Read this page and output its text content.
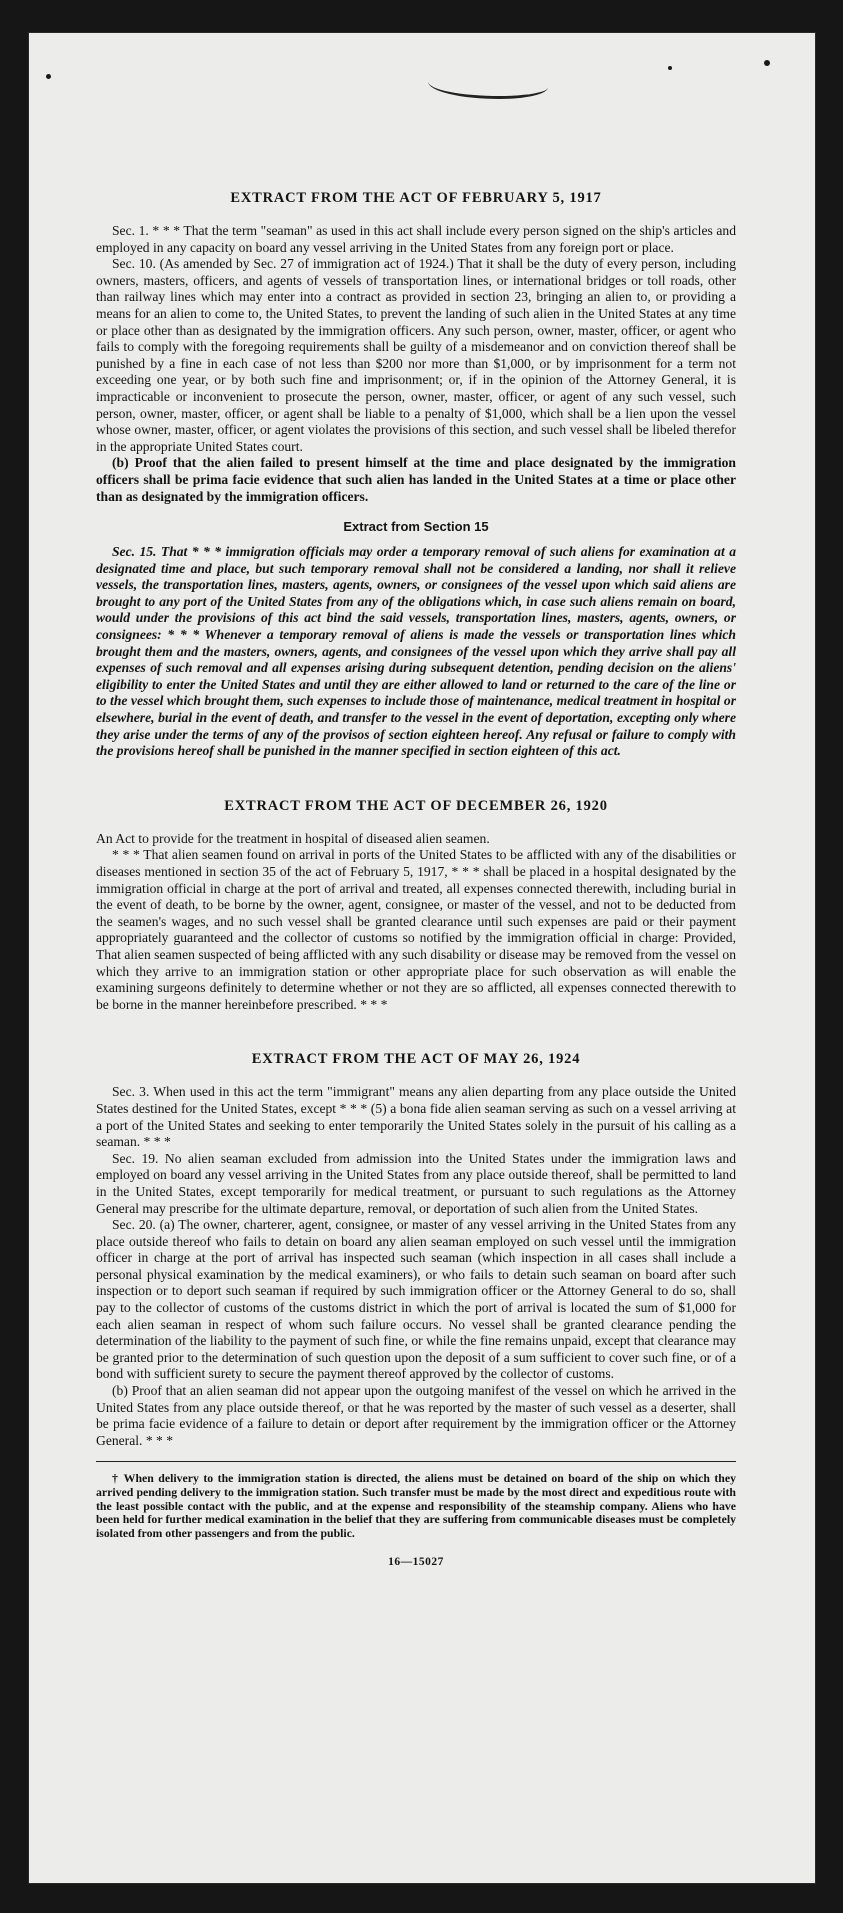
EXTRACT FROM THE ACT OF FEBRUARY 5, 1917

Sec. 1. * * * That the term "seaman" as used in this act shall include every person signed on the ship's articles and employed in any capacity on board any vessel arriving in the United States from any foreign port or place.

Sec. 10. (As amended by Sec. 27 of immigration act of 1924.) That it shall be the duty of every person, including owners, masters, officers, and agents of vessels of transportation lines, or international bridges or toll roads, other than railway lines which may enter into a contract as provided in section 23, bringing an alien to, or providing a means for an alien to come to, the United States, to prevent the landing of such alien in the United States at any time or place other than as designated by the immigration officers. Any such person, owner, master, officer, or agent who fails to comply with the foregoing requirements shall be guilty of a misdemeanor and on conviction thereof shall be punished by a fine in each case of not less than $200 nor more than $1,000, or by imprisonment for a term not exceeding one year, or by both such fine and imprisonment; or, if in the opinion of the Attorney General, it is impracticable or inconvenient to prosecute the person, owner, master, officer, or agent of any such vessel, such person, owner, master, officer, or agent shall be liable to a penalty of $1,000, which shall be a lien upon the vessel whose owner, master, officer, or agent violates the provisions of this section, and such vessel shall be libeled therefor in the appropriate United States court.

(b) Proof that the alien failed to present himself at the time and place designated by the immigration officers shall be prima facie evidence that such alien has landed in the United States at a time or place other than as designated by the immigration officers.

Extract from Section 15

Sec. 15. That * * * immigration officials may order a temporary removal of such aliens for examination at a designated time and place, but such temporary removal shall not be considered a landing, nor shall it relieve vessels, the transportation lines, masters, agents, owners, or consignees of the vessel upon which said aliens are brought to any port of the United States from any of the obligations which, in case such aliens remain on board, would under the provisions of this act bind the said vessels, transportation lines, masters, agents, owners, or consignees: * * * Whenever a temporary removal of aliens is made the vessels or transportation lines which brought them and the masters, owners, agents, and consignees of the vessel upon which they arrive shall pay all expenses of such removal and all expenses arising during subsequent detention, pending decision on the aliens' eligibility to enter the United States and until they are either allowed to land or returned to the care of the line or to the vessel which brought them, such expenses to include those of maintenance, medical treatment in hospital or elsewhere, burial in the event of death, and transfer to the vessel in the event of deportation, excepting only where they arise under the terms of any of the provisos of section eighteen hereof. Any refusal or failure to comply with the provisions hereof shall be punished in the manner specified in section eighteen of this act.

EXTRACT FROM THE ACT OF DECEMBER 26, 1920

An Act to provide for the treatment in hospital of diseased alien seamen.

* * * That alien seamen found on arrival in ports of the United States to be afflicted with any of the disabilities or diseases mentioned in section 35 of the act of February 5, 1917, * * * shall be placed in a hospital designated by the immigration official in charge at the port of arrival and treated, all expenses connected therewith, including burial in the event of death, to be borne by the owner, agent, consignee, or master of the vessel, and not to be deducted from the seamen's wages, and no such vessel shall be granted clearance until such expenses are paid or their payment appropriately guaranteed and the collector of customs so notified by the immigration official in charge: Provided, That alien seamen suspected of being afflicted with any such disability or disease may be removed from the vessel on which they arrive to an immigration station or other appropriate place for such observation as will enable the examining surgeons definitely to determine whether or not they are so afflicted, all expenses connected therewith to be borne in the manner hereinbefore prescribed. * * *

EXTRACT FROM THE ACT OF MAY 26, 1924

Sec. 3. When used in this act the term "immigrant" means any alien departing from any place outside the United States destined for the United States, except * * * (5) a bona fide alien seaman serving as such on a vessel arriving at a port of the United States and seeking to enter temporarily the United States solely in the pursuit of his calling as a seaman. * * *

Sec. 19. No alien seaman excluded from admission into the United States under the immigration laws and employed on board any vessel arriving in the United States from any place outside thereof, shall be permitted to land in the United States, except temporarily for medical treatment, or pursuant to such regulations as the Attorney General may prescribe for the ultimate departure, removal, or deportation of such alien from the United States.

Sec. 20. (a) The owner, charterer, agent, consignee, or master of any vessel arriving in the United States from any place outside thereof who fails to detain on board any alien seaman employed on such vessel until the immigration officer in charge at the port of arrival has inspected such seaman (which inspection in all cases shall include a personal physical examination by the medical examiners), or who fails to detain such seaman on board after such inspection or to deport such seaman if required by such immigration officer or the Attorney General to do so, shall pay to the collector of customs of the customs district in which the port of arrival is located the sum of $1,000 for each alien seaman in respect of whom such failure occurs. No vessel shall be granted clearance pending the determination of the liability to the payment of such fine, or while the fine remains unpaid, except that clearance may be granted prior to the determination of such question upon the deposit of a sum sufficient to cover such fine, or of a bond with sufficient surety to secure the payment thereof approved by the collector of customs.

(b) Proof that an alien seaman did not appear upon the outgoing manifest of the vessel on which he arrived in the United States from any place outside thereof, or that he was reported by the master of such vessel as a deserter, shall be prima facie evidence of a failure to detain or deport after requirement by the immigration officer or the Attorney General. * * *

† When delivery to the immigration station is directed, the aliens must be detained on board of the ship on which they arrived pending delivery to the immigration station. Such transfer must be made by the most direct and expeditious route with the least possible contact with the public, and at the expense and responsibility of the steamship company. Aliens who have been held for further medical examination in the belief that they are suffering from communicable diseases must be completely isolated from other passengers and from the public.

16—15027
